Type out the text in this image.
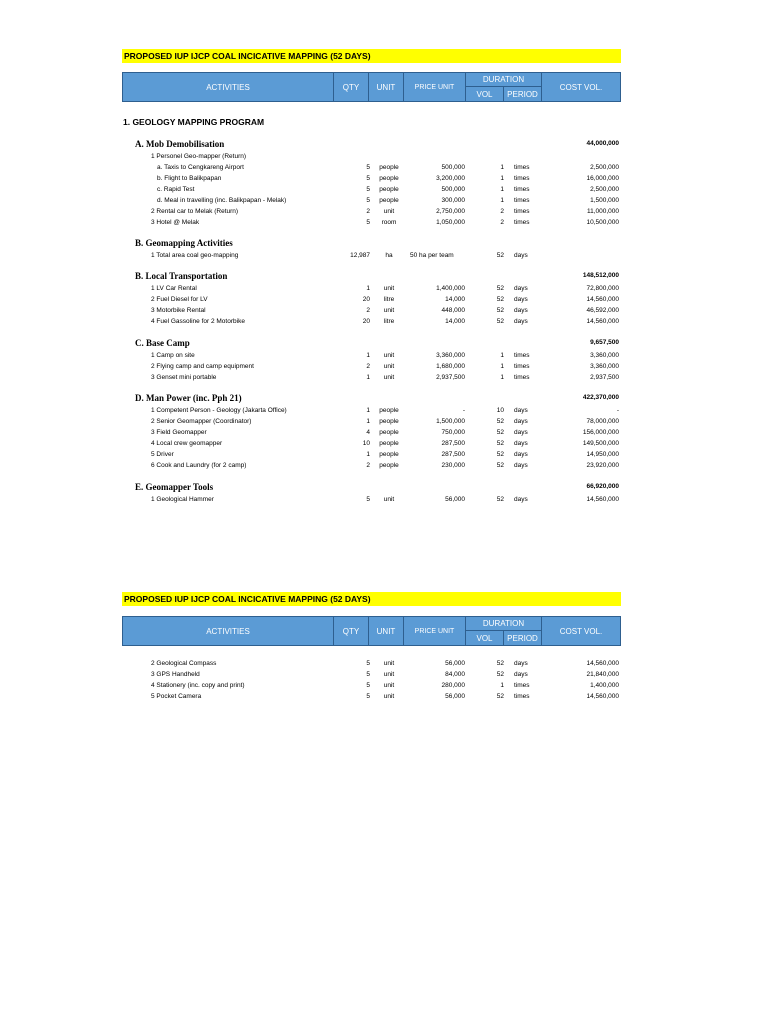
PROPOSED IUP IJCP COAL INCICATIVE MAPPING (52 DAYS)
ACTIVITIES	QTY	UNIT	PRICE UNIT
DURATION
VOL	PERIOD
COST VOL.
1. GEOLOGY MAPPING PROGRAM
A. Mob Demobilisation	44,000,000
1 Personel Geo-mapper (Return)
a. Taxis to Cengkareng Airport	5	people	500,000	1 times	2,500,000
b. Flight to Balikpapan	5	people	3,200,000	1 times	16,000,000
c. Rapid Test	5	people	500,000	1 times	2,500,000
d. Meal in travelling (inc. Balikpapan - Melak)	5	people	300,000	1 times	1,500,000
2 Rental car to Melak (Return)	2	unit	2,750,000	2 times	11,000,000
3 Hotel @ Melak	5	room	1,050,000	2 times	10,500,000
B. Geomapping Activities
1 Total area coal geo-mapping	12,987	ha	50 ha per team	52 days
B. Local Transportation	148,512,000
1 LV Car Rental	1	unit	1,400,000	52 days	72,800,000
2 Fuel Diesel for LV	20	litre	14,000	52 days	14,560,000
3 Motorbike Rental	2	unit	448,000	52 days	46,592,000
4 Fuel Gassoline for 2 Motorbike	20	litre	14,000	52 days	14,560,000
C. Base Camp	9,657,500
1 Camp on site	1	unit	3,360,000	1 times	3,360,000
2 Flying camp and camp equipment	2	unit	1,680,000	1 times	3,360,000
3 Genset mini portable	1	unit	2,937,500	1 times	2,937,500
D. Man Power (inc. Pph 21)	422,370,000
1 Competent Person - Geology (Jakarta Office)	1	people	-	10 days	-
2 Senior Geomapper (Coordinator)	1	people	1,500,000	52 days	78,000,000
3 Field Geomapper	4	people	750,000	52 days	156,000,000
4 Local crew geomapper	10	people	287,500	52 days	149,500,000
5 Driver	1	people	287,500	52 days	14,950,000
6 Cook and Laundry (for 2 camp)	2	people	230,000	52 days	23,920,000
E. Geomapper Tools	66,920,000
1 Geological Hammer	5	unit	56,000	52 days	14,560,000
PROPOSED IUP IJCP COAL INCICATIVE MAPPING (52 DAYS)
ACTIVITIES	QTY	UNIT	PRICE UNIT
DURATION
VOL	PERIOD
COST VOL.
2 Geological Compass	5	unit	56,000	52 days	14,560,000
3 GPS Handheld	5	unit	84,000	52 days	21,840,000
4 Stationery (inc. copy and print)	5	unit	280,000	1 times	1,400,000
5 Pocket Camera	5	unit	56,000	52 times	14,560,000
